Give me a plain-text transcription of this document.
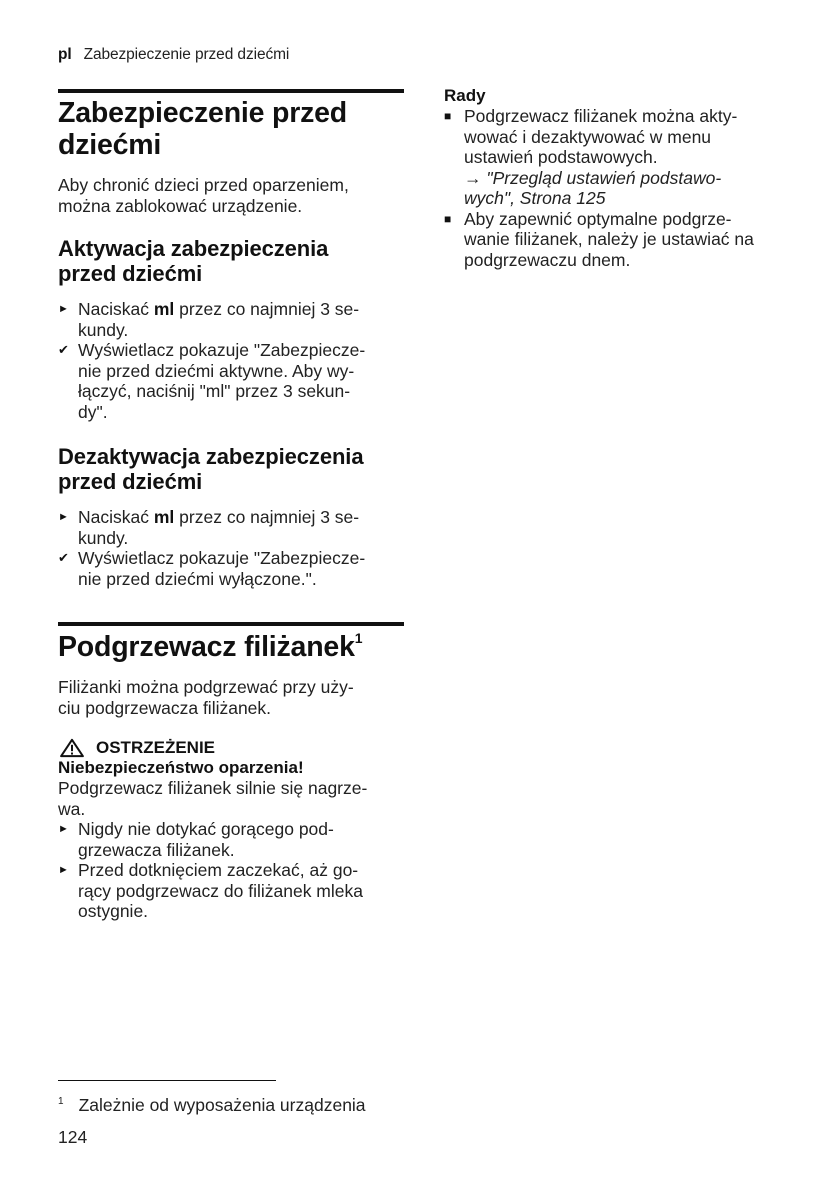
pl Zabezpieczenie przed dziećmi
Zabezpieczenie przed
dziećmi
Aby chronić dzieci przed oparzeniem,
można zablokować urządzenie.
Aktywacja zabezpieczenia
przed dziećmi
► Naciskać ml przez co najmniej 3 se-
kundy.
✔ Wyświetlacz pokazuje "Zabezpiecze-
nie przed dziećmi aktywne. Aby wy-
łączyć, naciśnij "ml" przez 3 sekun-
dy".
Dezaktywacja zabezpieczenia
przed dziećmi
► Naciskać ml przez co najmniej 3 se-
kundy.
✔ Wyświetlacz pokazuje "Zabezpiecze-
nie przed dziećmi wyłączone.".
Podgrzewacz filiżanek$^1$
Filiżanki można podgrzewać przy uży-
ciu podgrzewacza filiżanek.
OSTRZEŻENIE
Niebezpieczeństwo oparzenia!
Podgrzewacz filiżanek silnie się nagrze-
wa.
► Nigdy nie dotykać gorącego pod-
grzewacza filiżanek.
► Przed dotknięciem zaczekać, aż go-
rący podgrzewacz do filiżanek mleka
ostygnie.
Rady
■ Podgrzewacz filiżanek można akty-
wować i dezaktywować w menu
ustawień podstawowych.
→ "Przegląd ustawień podstawo-
wych", Strona 125
■ Aby zapewnić optymalne podgrze-
wanie filiżanek, należy je ustawiać na
podgrzewaczu dnem.
$^1$ Zależnie od wyposażenia urządzenia
124
